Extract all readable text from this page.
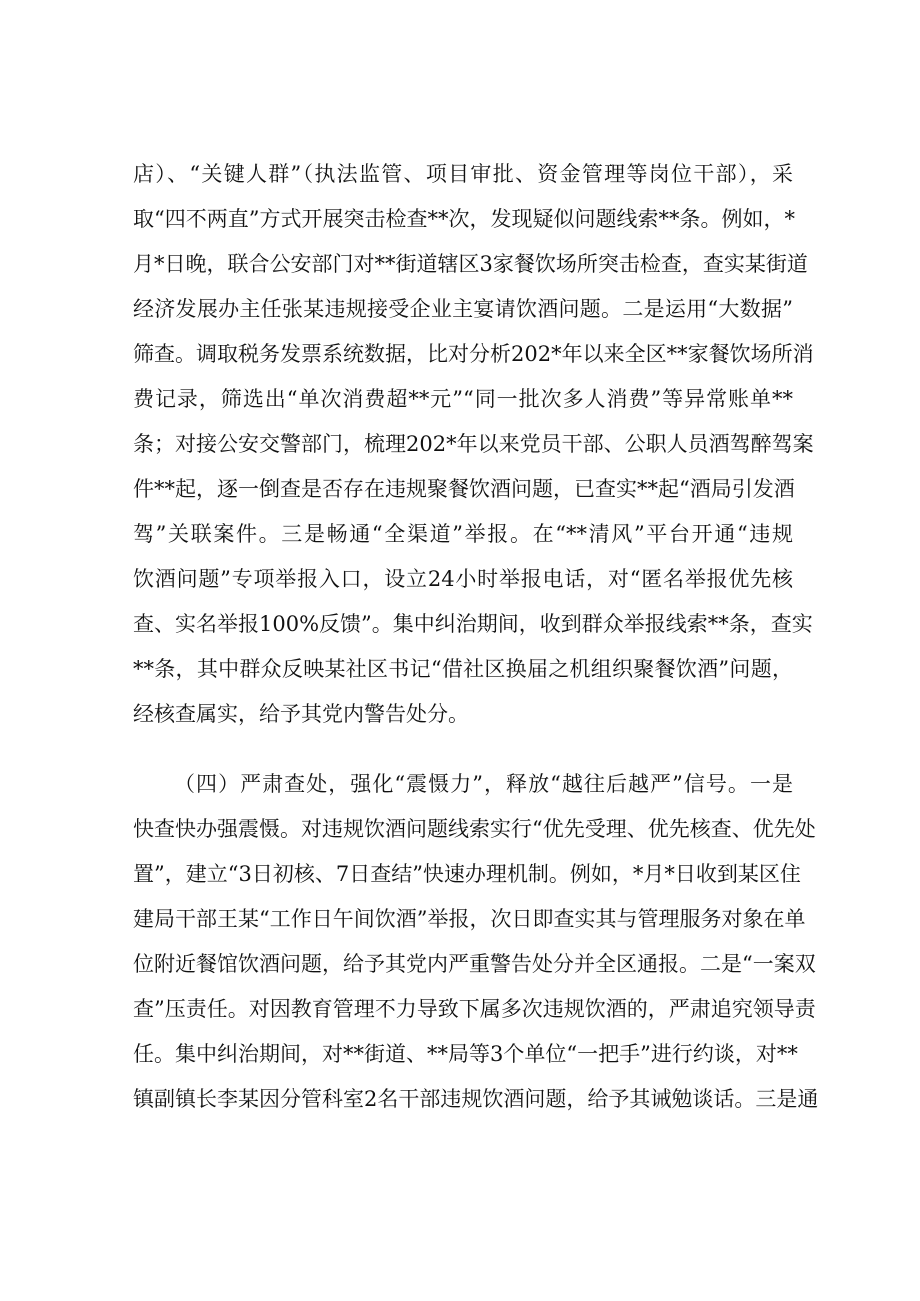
店）、“关键人群”（执法监管、项目审批、资金管理等岗位干部），采
取“四不两直”方式开展突击检查**次，发现疑似问题线索**条。例如，*
月*日晚，联合公安部门对**街道辖区3家餐饮场所突击检查，查实某街道
经济发展办主任张某违规接受企业主宴请饮酒问题。二是运用“大数据”
筛查。调取税务发票系统数据，比对分析202*年以来全区**家餐饮场所消
费记录，筛选出“单次消费超**元”“同一批次多人消费”等异常账单**
条；对接公安交警部门，梳理202*年以来党员干部、公职人员酒驾醉驾案
件**起，逐一倒查是否存在违规聚餐饮酒问题，已查实**起“酒局引发酒
驾”关联案件。三是畅通“全渠道”举报。在“**清风”平台开通“违规
饮酒问题”专项举报入口，设立24小时举报电话，对“匿名举报优先核
查、实名举报100%反馈”。集中纠治期间，收到群众举报线索**条，查实
**条，其中群众反映某社区书记“借社区换届之机组织聚餐饮酒”问题，
经核查属实，给予其党内警告处分。
（四）严肃查处，强化“震慑力”，释放“越往后越严”信号。一是
快查快办强震慑。对违规饮酒问题线索实行“优先受理、优先核查、优先处
置”，建立“3日初核、7日查结”快速办理机制。例如，*月*日收到某区住
建局干部王某“工作日午间饮酒”举报，次日即查实其与管理服务对象在单
位附近餐馆饮酒问题，给予其党内严重警告处分并全区通报。二是“一案双
查”压责任。对因教育管理不力导致下属多次违规饮酒的，严肃追究领导责
任。集中纠治期间，对**街道、**局等3个单位“一把手”进行约谈，对**
镇副镇长李某因分管科室2名干部违规饮酒问题，给予其诫勉谈话。三是通
